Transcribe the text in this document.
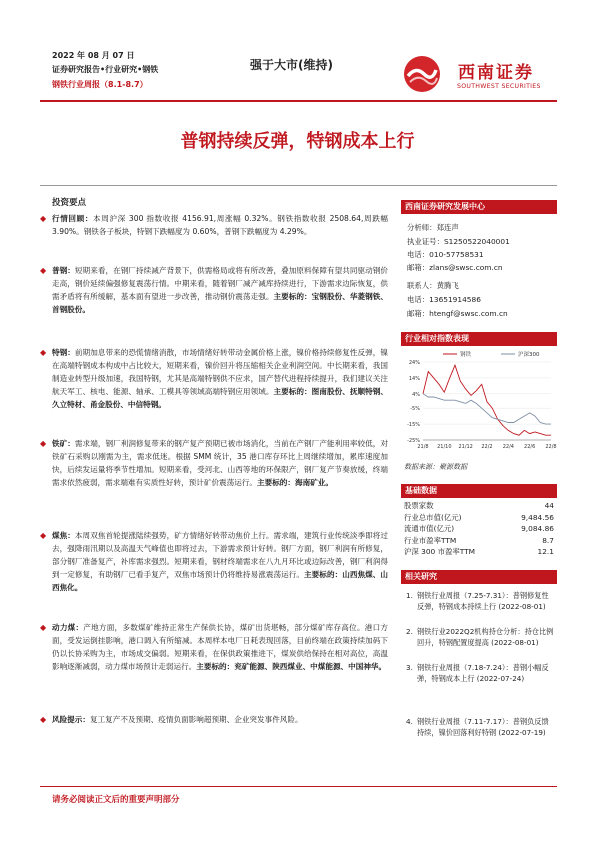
2022 年 08 月 07 日
证券研究报告•行业研究•钢铁
钢铁行业周报（8.1-8.7）
强于大市(维持)	西南证券
SOUTHWEST SECURITIES
普钢持续反弹，特钢成本上行
投资要点
◆ 行情回顾：本周沪深 300 指数收报 4156.91,周涨幅 0.32%。钢铁指数收报 2508.64,周跌幅 3.90%。钢铁各子板块，特钢下跌幅度为 0.60%，普钢下跌幅度为 4.29%。
◆ 普钢：短期来看，在钢厂持续减产背景下，供需格局或将有所改善，叠加原料保障有望共同驱动钢价走高，钢价延续偏强修复震荡行情。中期来看，随着钢厂减产减库持续进行，下游需求边际恢复，供需矛盾将有所缓解，基本面有望进一步改善，推动钢价震荡走强。主要标的：宝钢股份、华菱钢铁、首钢股份。
◆ 特钢：前期加息带来的恐慌情绪消散，市场情绪好转带动金属价格上涨，镍价格持续修复性反弹，镍在高端特钢成本构成中占比较大，短期来看，镍价回升将压缩相关企业利润空间。中长期来看，我国制造业转型升级加速，我国特钢，尤其是高端特钢供不应求，国产替代进程持续提升，我们建议关注航天军工、核电、能源、轴承、工模具等领域高端特钢应用领域。主要标的：图南股份、抚顺特钢、久立特材、甬金股份、中信特钢。
◆ 铁矿：需求端，钢厂利润修复带来的钢产复产预期已被市场消化，当前在产钢厂产能利用率较低，对铁矿石采购以刚需为主，需求低迷。根据 SMM 统计，35 港口库存环比上周继续增加，累库速度加快，后续发运量将季节性增加。短期来看，受河北、山西等地的环保限产，钢厂复产节奏放缓，终端需求依然疲弱，需求端难有实质性好转，预计矿价震荡运行。主要标的：海南矿业。
◆ 煤焦：本周双焦首轮提涨陆续强势，矿方情绪好转带动焦价上行。需求端，建筑行业传统淡季即将过去，强降雨汛期以及高温天气峰值也即将过去，下游需求预计好转。钢厂方面，钢厂利润有所修复，部分钢厂准备复产，补库需求强烈。短期来看，钢材终端需求在八九月环比或边际改善，钢厂利润得到一定修复，有助钢厂已看手复产，双焦市场预计仍将维持易涨震荡运行。主要标的：山西焦煤、山西焦化。
◆ 动力煤：产地方面，多数煤矿维持正常生产保供长协，煤矿出货堪畅，部分煤矿库存高位。港口方面，受发运倒挂影响，港口调入有所缩减。本周样本电厂日耗表现回落，目前终端在政策持续加码下仍以长协采购为主，市场成交偏弱。短期来看，在保供政策推进下，煤炭供给保持在相对高位，高温影响逐渐减弱，动力煤市场预计走弱运行。主要标的：兖矿能源、陕西煤业、中煤能源、中国神华。
◆ 风险提示：复工复产不及预期、疫情负面影响超预期、企业突发事件风险。
西南证券研究发展中心
分析师：郑连声
执业证号：S1250522040001
电话：010-57758531
邮箱：zlans@swsc.com.cn
联系人：黄腾飞
电话：13651914586
邮箱：htengf@swsc.com.cn
行业相对指数表现
24%
14%
4%
-5%
-15%
-25%
21/8 21/10 21/12 22/2 22/4 22/6 22/8
钢铁	沪深300
数据来源：聚源数据
基础数据
股票家数	44
行业总市值(亿元)	9,484.56
流通市值(亿元)	9,084.86
行业市盈率TTM	8.7
沪深 300 市盈率TTM	12.1
相关研究
1. 钢铁行业周报（7.25-7.31）：普钢修复性反弹，特钢成本持续上行 (2022-08-01)
2. 钢铁行业2022Q2机构持仓分析：持仓比例回升，特钢配置度提高 (2022-08-01)
3. 钢铁行业周报（7.18-7.24）：普钢小幅反弹，特钢成本上行 (2022-07-24)
4. 钢铁行业周报（7.11-7.17）：普钢负反馈持续，镍价回落利好特钢 (2022-07-19)
请务必阅读正文后的重要声明部分
